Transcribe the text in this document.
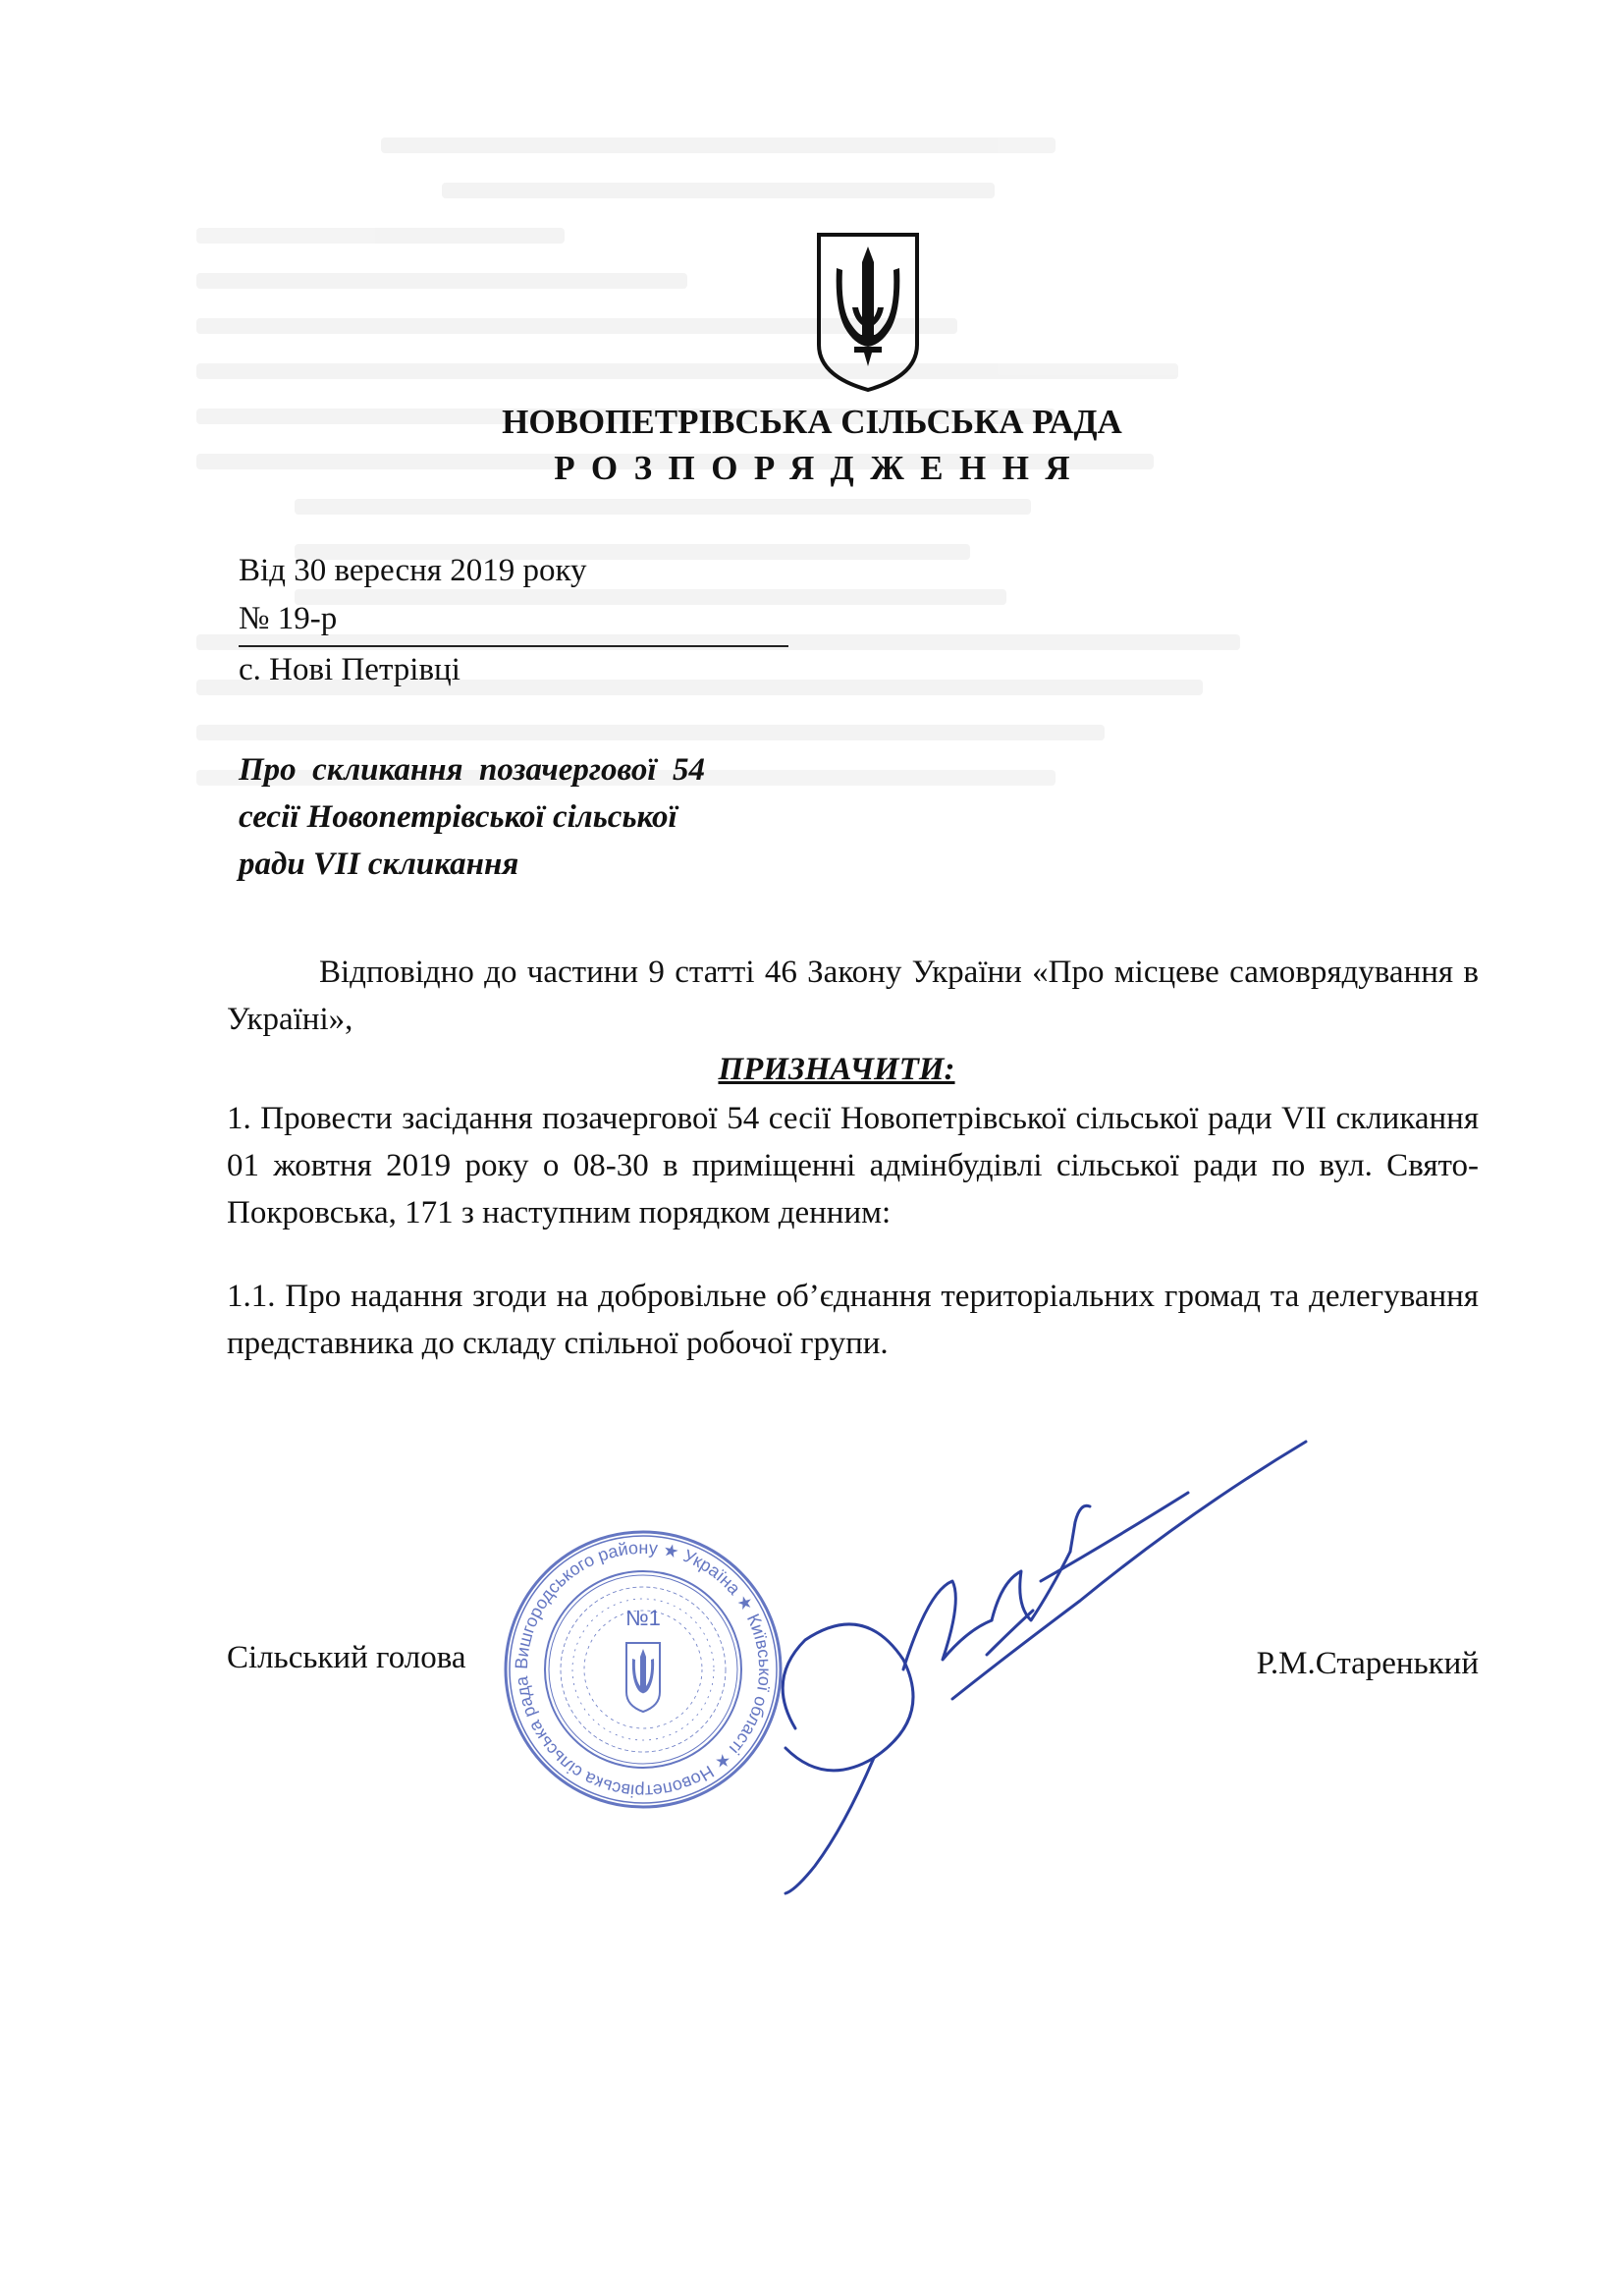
НОВОПЕТРІВСЬКА СІЛЬСЬКА РАДА
РОЗПОРЯДЖЕННЯ
Від 30 вересня 2019 року
№ 19-р
с. Нові Петрівці
Про  скликання  позачергової  54
сесії Новопетрівської сільської
ради VII скликання
Відповідно до частини 9 статті 46 Закону України «Про місцеве самоврядування в Україні»,
ПРИЗНАЧИТИ:
1. Провести засідання позачергової 54 сесії Новопетрівської сільської ради VII скликання 01 жовтня 2019 року о 08-30 в приміщенні адмінбудівлі сільської ради по вул. Свято-Покровська, 171 з наступним порядком денним:
1.1. Про надання згоди на добровільне об’єднання територіальних громад та делегування представника до складу спільної робочої групи.
Сільський голова	Р.М.Старенький
Вишгородського району ★ Україна ★ Київської області ★ Новопетрівська сільська рада
№1
